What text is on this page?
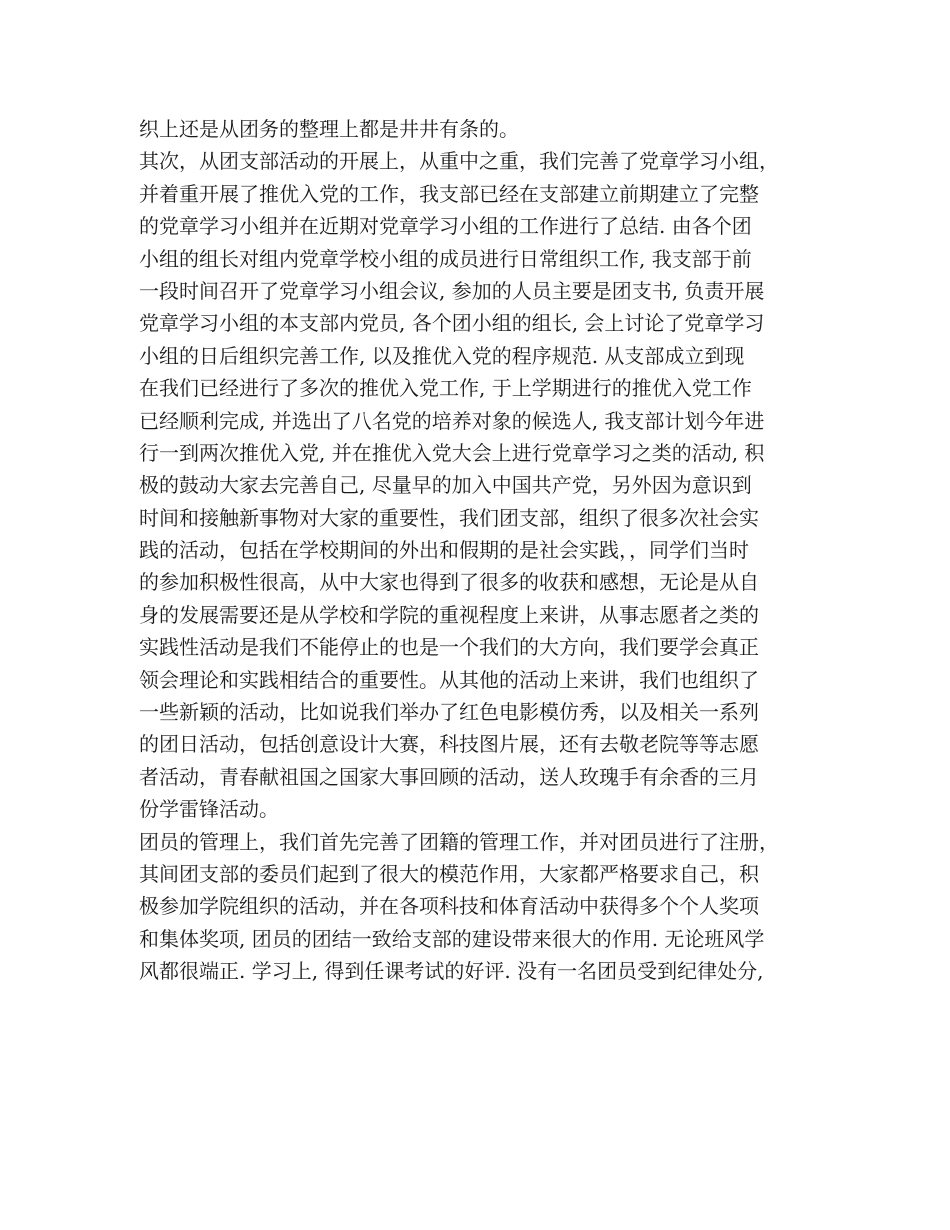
织上还是从团务的整理上都是井井有条的。
其次，从团支部活动的开展上，从重中之重，我们完善了党章学习小组，
并着重开展了推优入党的工作，我支部已经在支部建立前期建立了完整
的党章学习小组并在近期对党章学习小组的工作进行了总结. 由各个团
小组的组长对组内党章学校小组的成员进行日常组织工作, 我支部于前
一段时间召开了党章学习小组会议, 参加的人员主要是团支书, 负责开展
党章学习小组的本支部内党员, 各个团小组的组长, 会上讨论了党章学习
小组的日后组织完善工作, 以及推优入党的程序规范. 从支部成立到现
在我们已经进行了多次的推优入党工作, 于上学期进行的推优入党工作
已经顺利完成, 并选出了八名党的培养对象的候选人, 我支部计划今年进
行一到两次推优入党, 并在推优入党大会上进行党章学习之类的活动, 积
极的鼓动大家去完善自己, 尽量早的加入中国共产党，另外因为意识到
时间和接触新事物对大家的重要性，我们团支部，组织了很多次社会实
践的活动，包括在学校期间的外出和假期的是社会实践，，同学们当时
的参加积极性很高，从中大家也得到了很多的收获和感想，无论是从自
身的发展需要还是从学校和学院的重视程度上来讲，从事志愿者之类的
实践性活动是我们不能停止的也是一个我们的大方向，我们要学会真正
领会理论和实践相结合的重要性。从其他的活动上来讲，我们也组织了
一些新颖的活动，比如说我们举办了红色电影模仿秀，以及相关一系列
的团日活动，包括创意设计大赛，科技图片展，还有去敬老院等等志愿
者活动，青春献祖国之国家大事回顾的活动，送人玫瑰手有余香的三月
份学雷锋活动。
团员的管理上，我们首先完善了团籍的管理工作，并对团员进行了注册，
其间团支部的委员们起到了很大的模范作用，大家都严格要求自己，积
极参加学院组织的活动，并在各项科技和体育活动中获得多个个人奖项
和集体奖项, 团员的团结一致给支部的建设带来很大的作用. 无论班风学
风都很端正. 学习上, 得到任课考试的好评. 没有一名团员受到纪律处分,
